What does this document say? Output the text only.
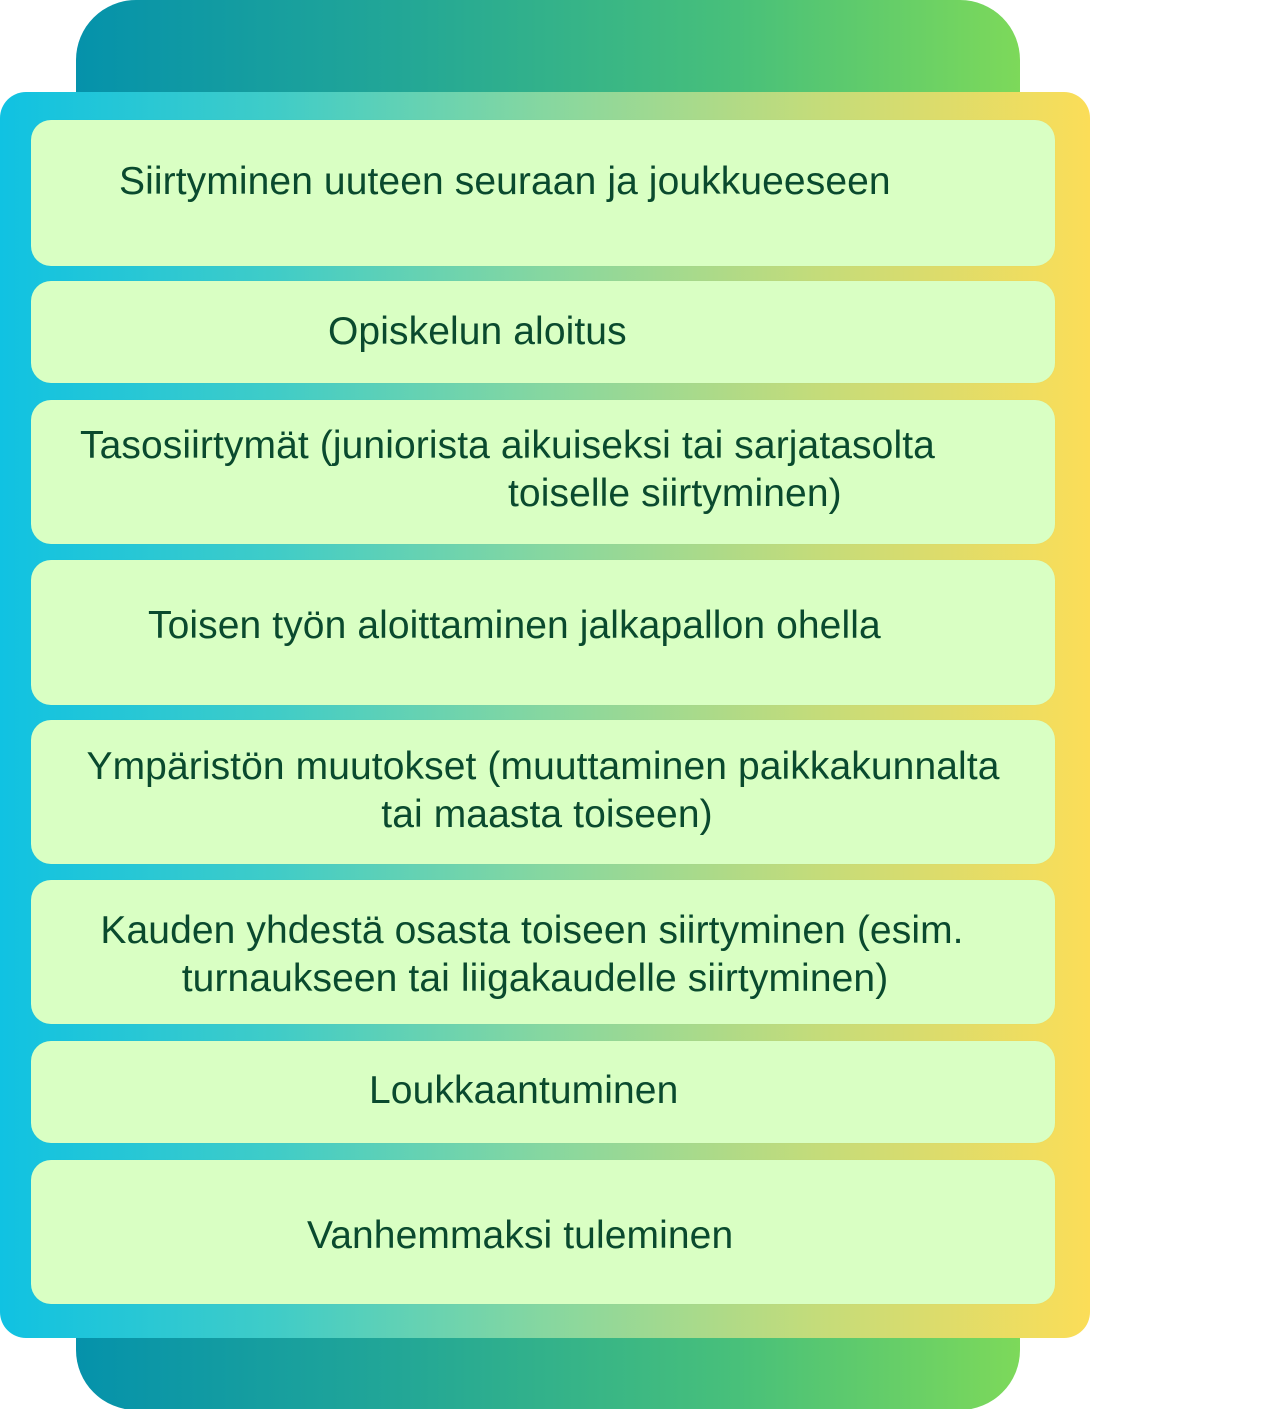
Siirtyminen uuteen seuraan ja joukkueeseen
Opiskelun aloitus
Tasosiirtymät (juniorista aikuiseksi tai sarjatasolta
toiselle siirtyminen)
Toisen työn aloittaminen jalkapallon ohella
Ympäristön muutokset (muuttaminen paikkakunnalta
tai maasta toiseen)
Kauden yhdestä osasta toiseen siirtyminen (esim.
turnaukseen tai liigakaudelle siirtyminen)
Loukkaantuminen
Vanhemmaksi tuleminen
